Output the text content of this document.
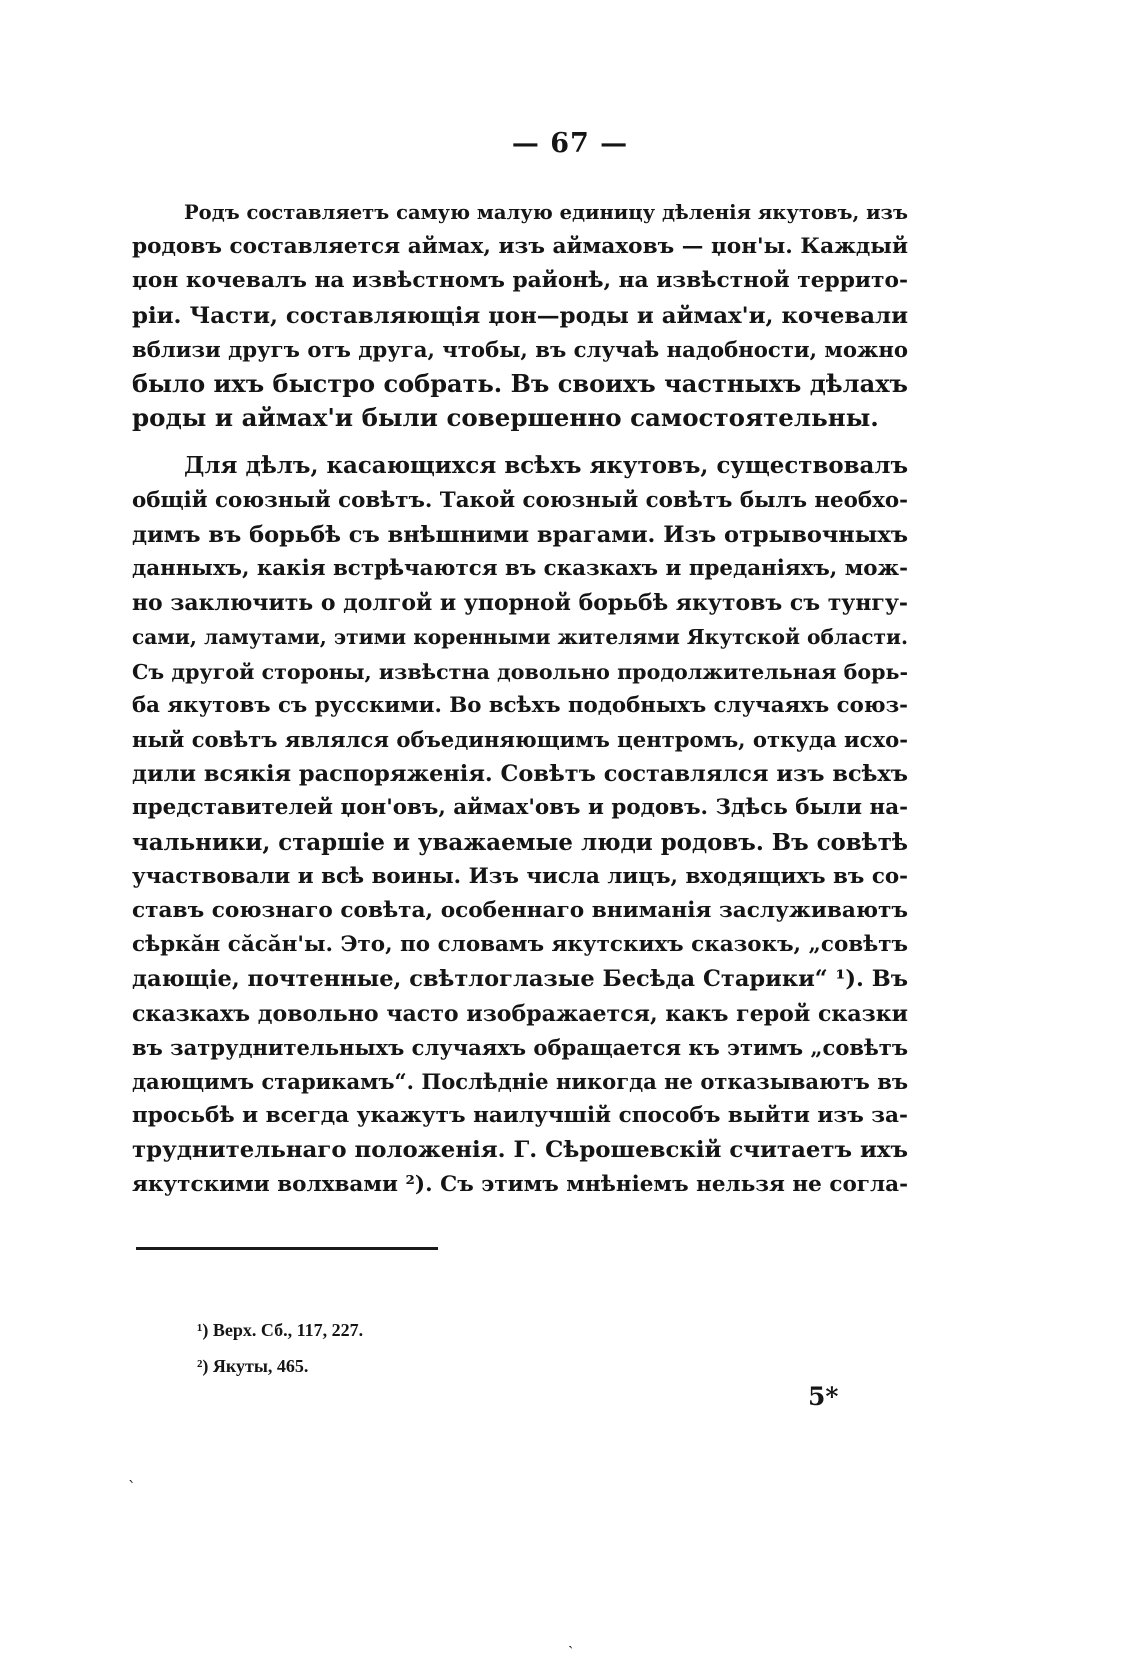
— 67 —

Родъ составляетъ самую малую единицу дѣленія якутовъ, изъ
родовъ составляется аймах, изъ аймаховъ — џон'ы. Каждый
џон кочевалъ на извѣстномъ районѣ, на извѣстной террито-
ріи. Части, составляющія џон—роды и аймах'и, кочевали
вблизи другъ отъ друга, чтобы, въ случаѣ надобности, можно
было ихъ быстро собрать. Въ своихъ частныхъ дѣлахъ
роды и аймах'и были совершенно самостоятельны.

Для дѣлъ, касающихся всѣхъ якутовъ, существовалъ
общій союзный совѣтъ. Такой союзный совѣтъ былъ необхо-
димъ въ борьбѣ съ внѣшними врагами. Изъ отрывочныхъ
данныхъ, какія встрѣчаются въ сказкахъ и преданіяхъ, мож-
но заключить о долгой и упорной борьбѣ якутовъ съ тунгу-
сами, ламутами, этими коренными жителями Якутской области.
Съ другой стороны, извѣстна довольно продолжительная борь-
ба якутовъ съ русскими. Во всѣхъ подобныхъ случаяхъ союз-
ный совѣтъ являлся объединяющимъ центромъ, откуда исхо-
дили всякія распоряженія. Совѣтъ составлялся изъ всѣхъ
представителей џон'овъ, аймах'овъ и родовъ. Здѣсь были на-
чальники, старшіе и уважаемые люди родовъ. Въ совѣтѣ
участвовали и всѣ воины. Изъ числа лицъ, входящихъ въ со-
ставъ союзнаго совѣта, особеннаго вниманія заслуживаютъ
сѣркăн сăсăн'ы. Это, по словамъ якутскихъ сказокъ, „совѣтъ
дающіе, почтенные, свѣтлоглазые Бесѣда Старики“ ¹). Въ
сказкахъ довольно часто изображается, какъ герой сказки
въ затруднительныхъ случаяхъ обращается къ этимъ „совѣтъ
дающимъ старикамъ“. Послѣдніе никогда не отказываютъ въ
просьбѣ и всегда укажутъ наилучшій способъ выйти изъ за-
труднительнаго положенія. Г. Сѣрошевскій считаетъ ихъ
якутскими волхвами ²). Съ этимъ мнѣніемъ нельзя не согла-

¹) Верх. Сб., 117, 227.
²) Якуты, 465.
5*
ˋ
ˏ
